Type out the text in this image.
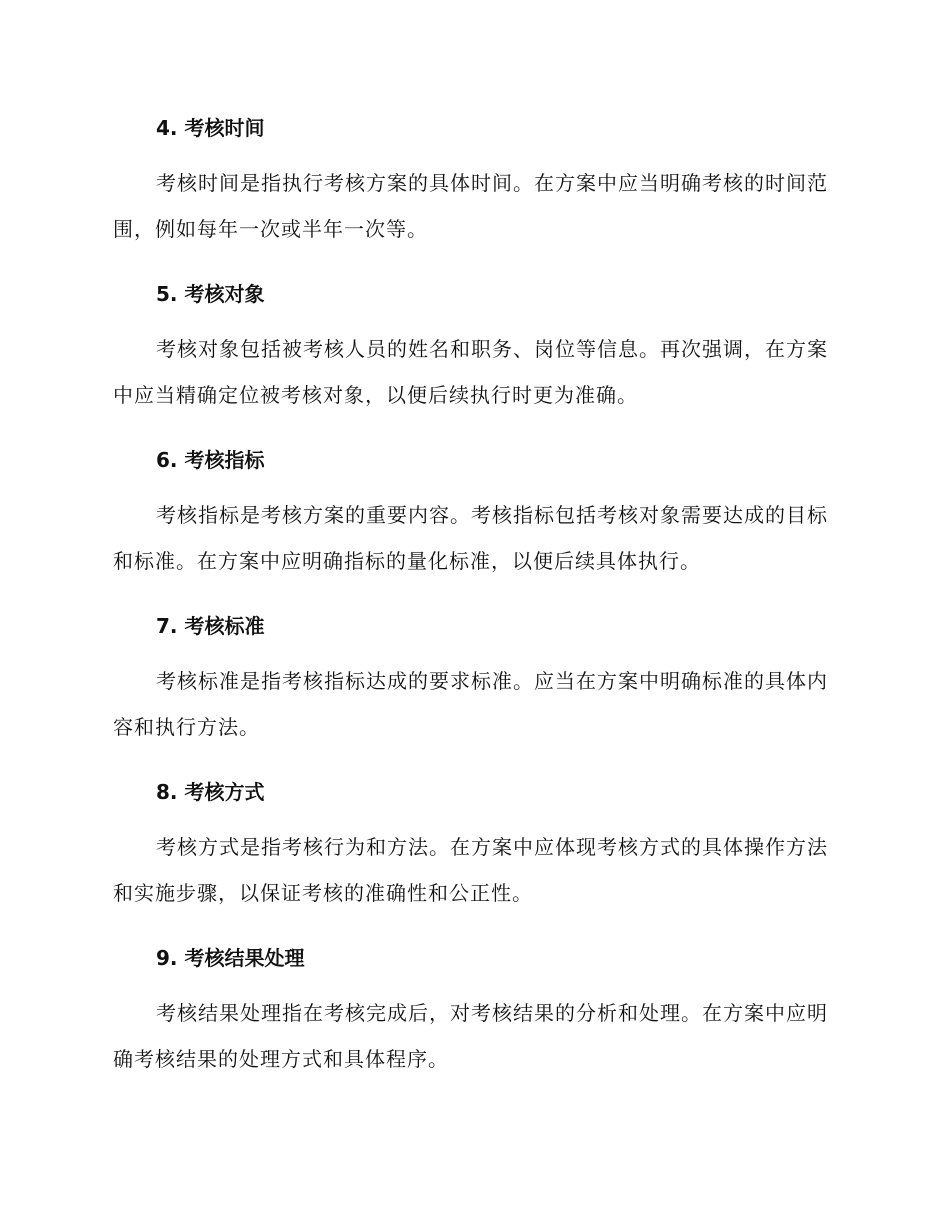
4. 考核时间

考核时间是指执行考核方案的具体时间。在方案中应当明确考核的时间范围，例如每年一次或半年一次等。

5. 考核对象

考核对象包括被考核人员的姓名和职务、岗位等信息。再次强调，在方案中应当精确定位被考核对象，以便后续执行时更为准确。

6. 考核指标

考核指标是考核方案的重要内容。考核指标包括考核对象需要达成的目标和标准。在方案中应明确指标的量化标准，以便后续具体执行。

7. 考核标准

考核标准是指考核指标达成的要求标准。应当在方案中明确标准的具体内容和执行方法。

8. 考核方式

考核方式是指考核行为和方法。在方案中应体现考核方式的具体操作方法和实施步骤，以保证考核的准确性和公正性。

9. 考核结果处理

考核结果处理指在考核完成后，对考核结果的分析和处理。在方案中应明确考核结果的处理方式和具体程序。
